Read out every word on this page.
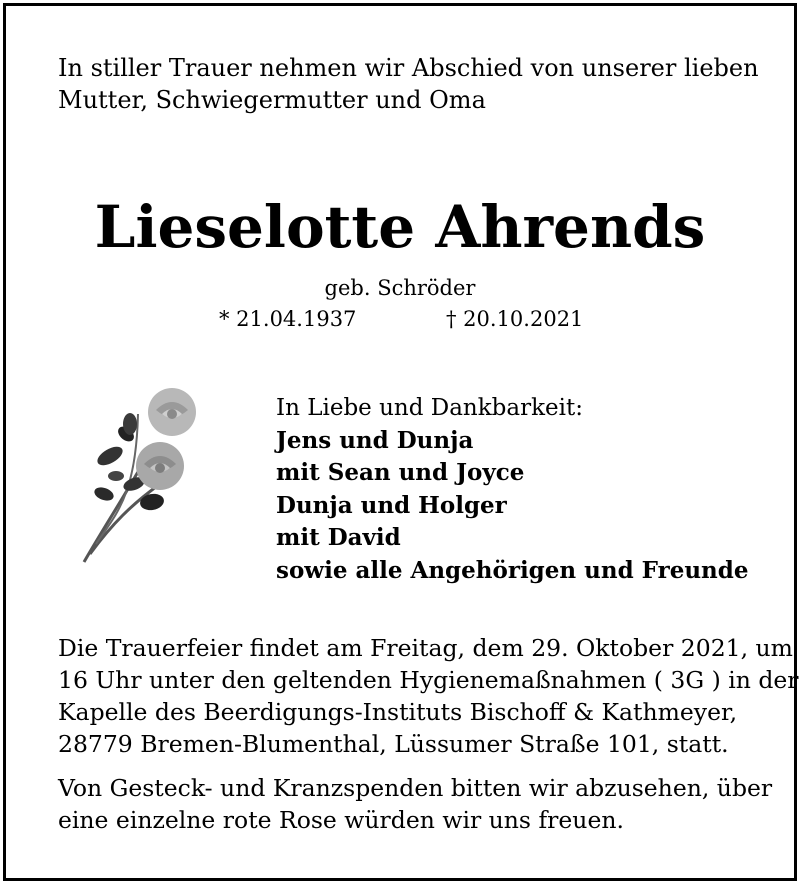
In stiller Trauer nehmen wir Abschied von unserer lieben
Mutter, Schwiegermutter und Oma
Lieselotte Ahrends
geb. Schröder
* 21.04.1937	† 20.10.2021
In Liebe und Dankbarkeit:
Jens und Dunja
mit Sean und Joyce
Dunja und Holger
mit David
sowie alle Angehörigen und Freunde
Die Trauerfeier findet am Freitag, dem 29. Oktober 2021, um
16 Uhr unter den geltenden Hygienemaßnahmen ( 3G ) in der
Kapelle des Beerdigungs-Instituts Bischoff & Kathmeyer,
28779 Bremen-Blumenthal, Lüssumer Straße 101, statt.
Von Gesteck- und Kranzspenden bitten wir abzusehen, über
eine einzelne rote Rose würden wir uns freuen.
